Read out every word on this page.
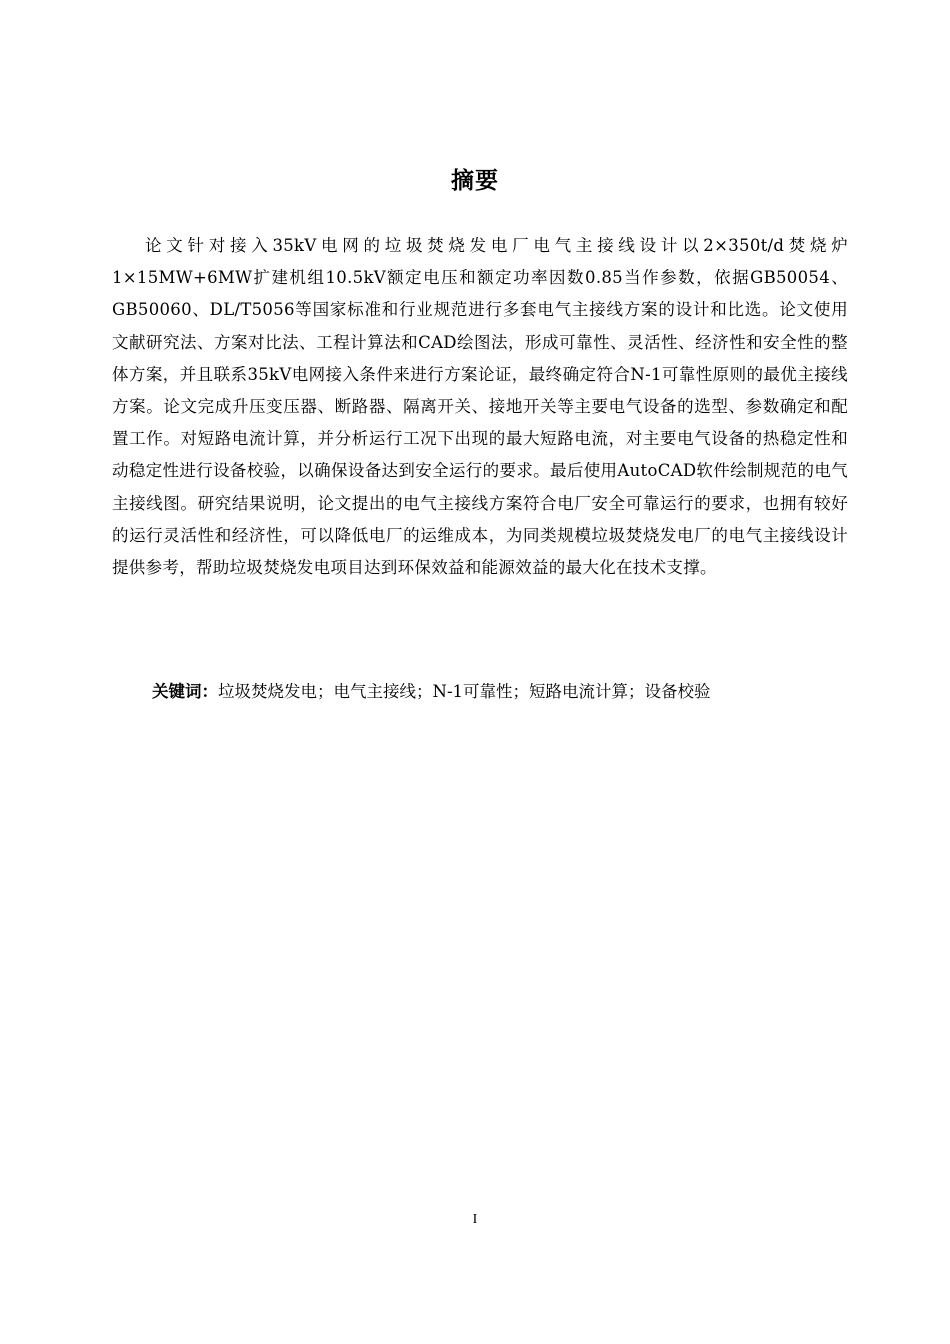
摘要

论文针对接入35kV电网的垃圾焚烧发电厂电气主接线设计以2×350t/d焚烧炉1×15MW+6MW扩建机组10.5kV额定电压和额定功率因数0.85当作参数，依据GB50054、GB50060、DL/T5056等国家标准和行业规范进行多套电气主接线方案的设计和比选。论文使用文献研究法、方案对比法、工程计算法和CAD绘图法，形成可靠性、灵活性、经济性和安全性的整体方案，并且联系35kV电网接入条件来进行方案论证，最终确定符合N-1可靠性原则的最优主接线方案。论文完成升压变压器、断路器、隔离开关、接地开关等主要电气设备的选型、参数确定和配置工作。对短路电流计算，并分析运行工况下出现的最大短路电流，对主要电气设备的热稳定性和动稳定性进行设备校验，以确保设备达到安全运行的要求。最后使用AutoCAD软件绘制规范的电气主接线图。研究结果说明，论文提出的电气主接线方案符合电厂安全可靠运行的要求，也拥有较好的运行灵活性和经济性，可以降低电厂的运维成本，为同类规模垃圾焚烧发电厂的电气主接线设计提供参考，帮助垃圾焚烧发电项目达到环保效益和能源效益的最大化在技术支撑。

关键词：垃圾焚烧发电；电气主接线；N-1可靠性；短路电流计算；设备校验
I
